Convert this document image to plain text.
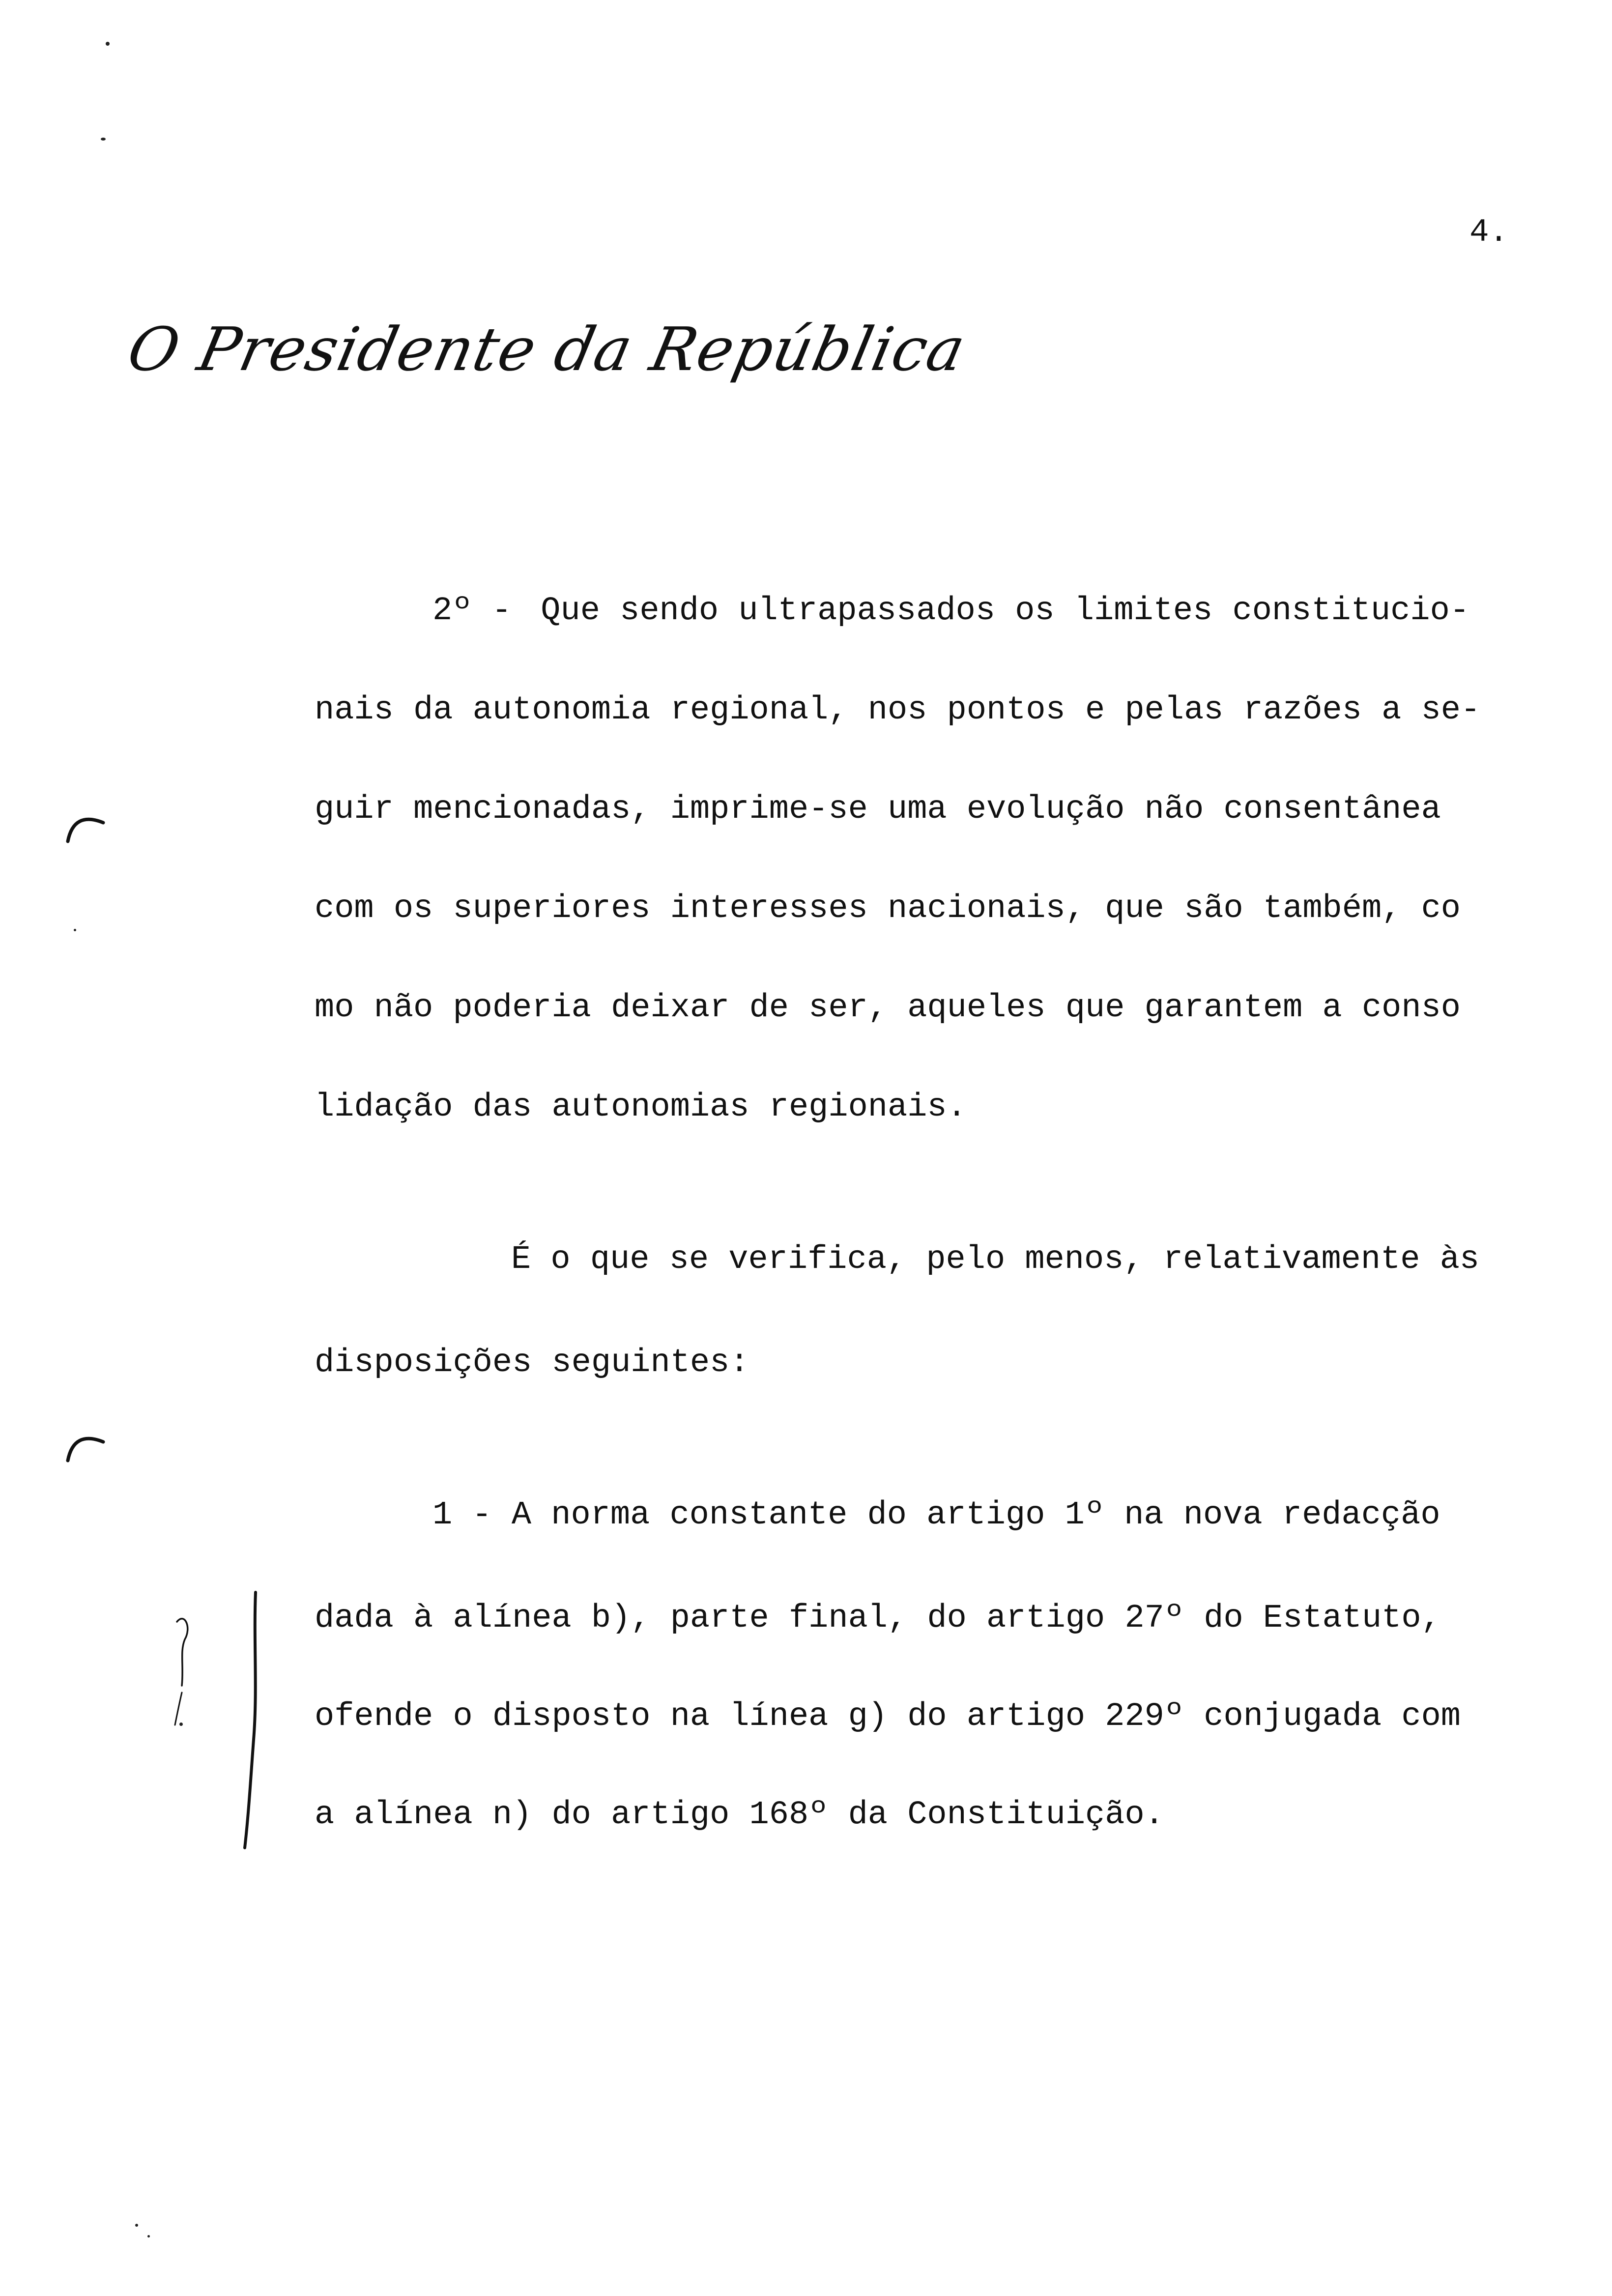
4.
O Presidente da República
2º - Que sendo ultrapassados os limites constitucio-
nais da autonomia regional, nos pontos e pelas razões a se-
guir mencionadas, imprime-se uma evolução não consentânea
com os superiores interesses nacionais, que são também, co
mo não poderia deixar de ser, aqueles que garantem a conso
lidação das autonomias regionais.
É o que se verifica, pelo menos, relativamente às
disposições seguintes:
1 - A norma constante do artigo 1º na nova redacção
dada à alínea b), parte final, do artigo 27º do Estatuto,
ofende o disposto na línea g) do artigo 229º conjugada com
a alínea n) do artigo 168º da Constituição.
